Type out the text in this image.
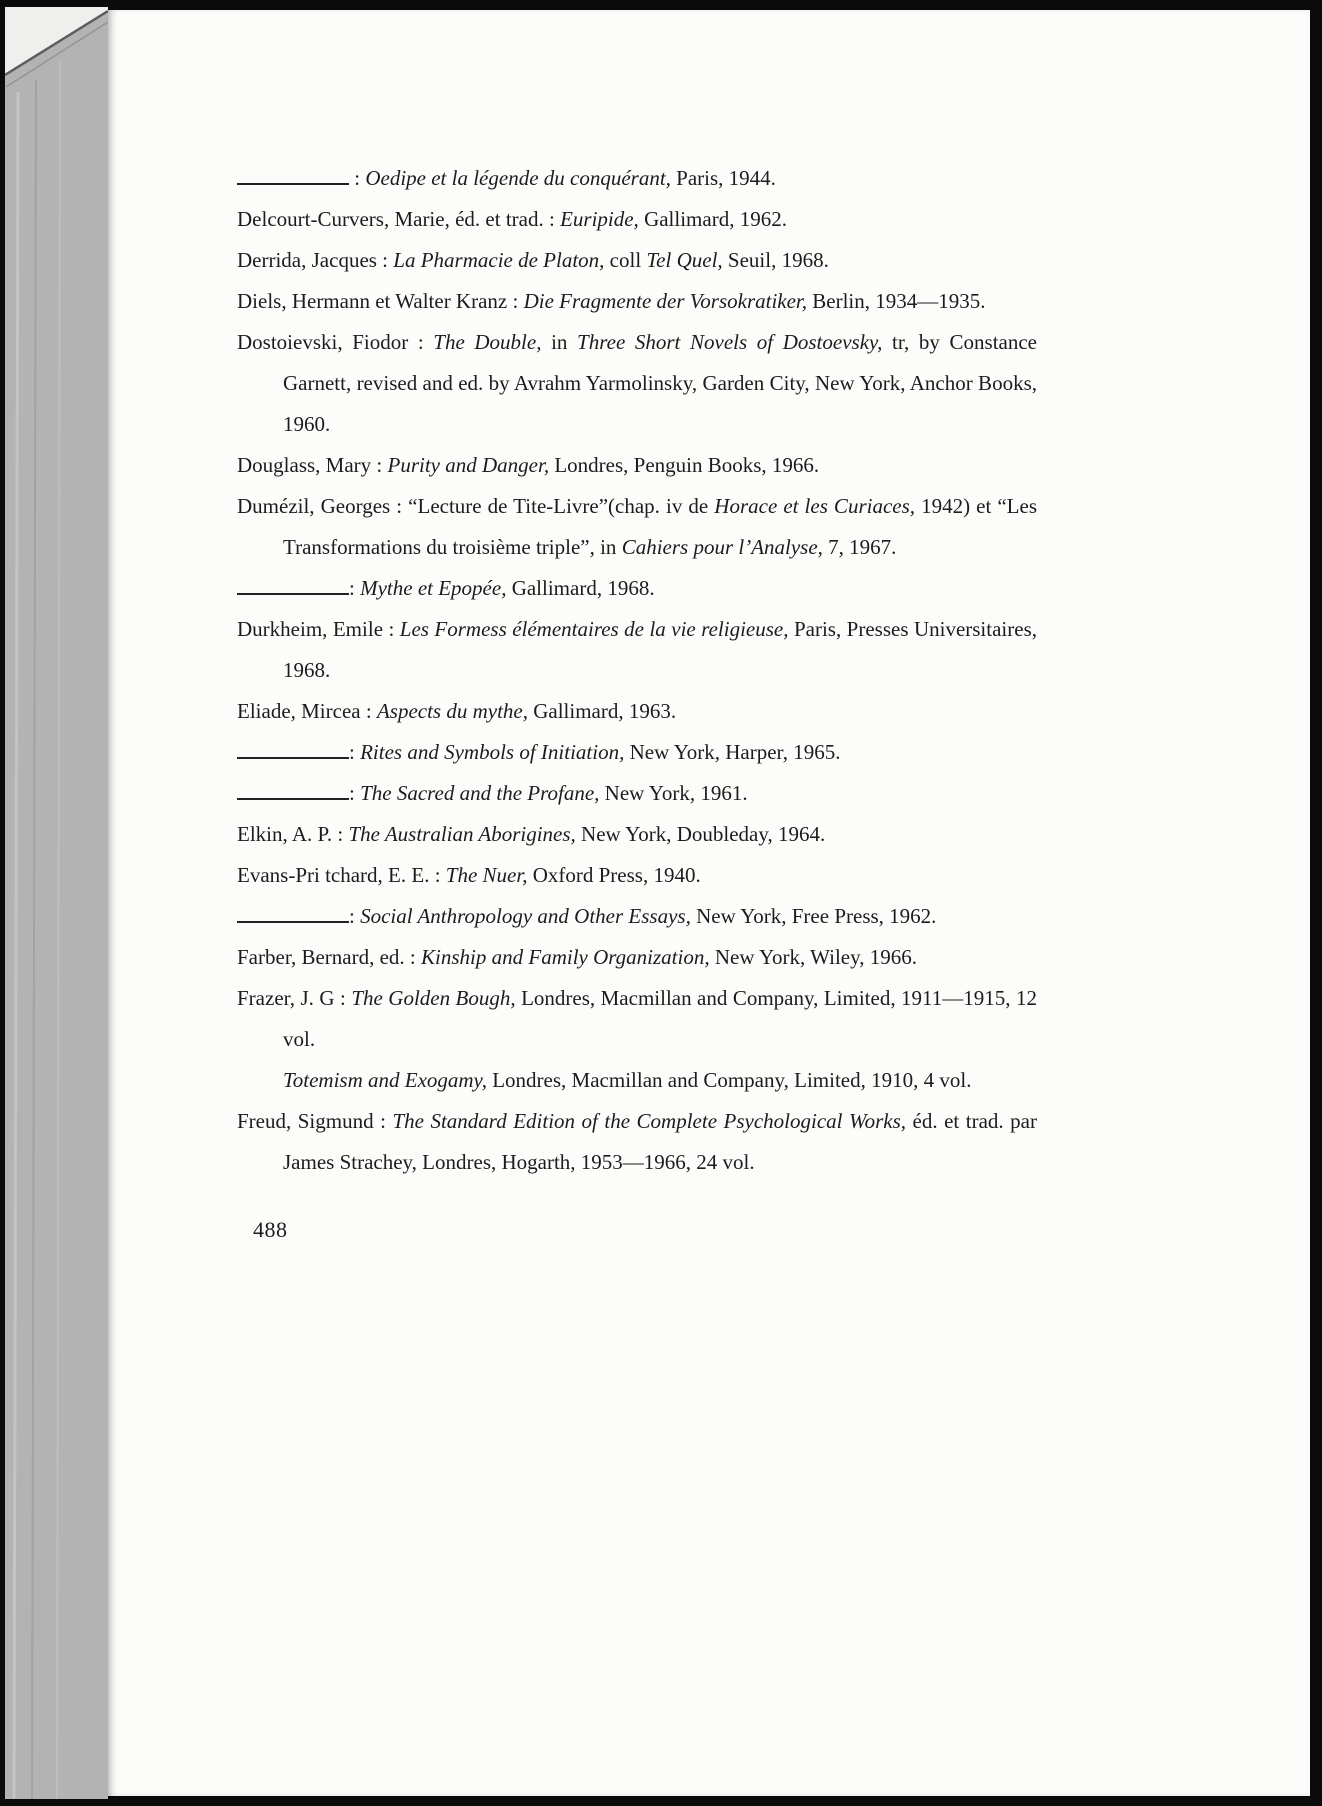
: Oedipe et la légende du conquérant, Paris, 1944.

Delcourt-Curvers, Marie, éd. et trad. : Euripide, Gallimard, 1962.

Derrida, Jacques : La Pharmacie de Platon, coll Tel Quel, Seuil, 1968.

Diels, Hermann et Walter Kranz : Die Fragmente der Vorsokratiker, Berlin, 1934—1935.

Dostoievski, Fiodor : The Double, in Three Short Novels of Dostoevsky, tr, by Constance Garnett, revised and ed. by Avrahm Yarmolinsky, Garden City, New York, Anchor Books, 1960.

Douglass, Mary : Purity and Danger, Londres, Penguin Books, 1966.

Dumézil, Georges : “Lecture de Tite-Livre”(chap. iv de Horace et les Curiaces, 1942) et “Les Transformations du troisième triple”, in Cahiers pour l’Analyse, 7, 1967.

: Mythe et Epopée, Gallimard, 1968.

Durkheim, Emile : Les Formess élémentaires de la vie religieuse, Paris, Presses Universitaires, 1968.

Eliade, Mircea : Aspects du mythe, Gallimard, 1963.

: Rites and Symbols of Initiation, New York, Harper, 1965.

: The Sacred and the Profane, New York, 1961.

Elkin, A. P. : The Australian Aborigines, New York, Doubleday, 1964.

Evans-Pri tchard, E. E. : The Nuer, Oxford Press, 1940.

: Social Anthropology and Other Essays, New York, Free Press, 1962.

Farber, Bernard, ed. : Kinship and Family Organization, New York, Wiley, 1966.

Frazer, J. G : The Golden Bough, Londres, Macmillan and Company, Limited, 1911—1915, 12 vol.

Totemism and Exogamy, Londres, Macmillan and Company, Limited, 1910, 4 vol.

Freud, Sigmund : The Standard Edition of the Complete Psychological Works, éd. et trad. par James Strachey, Londres, Hogarth, 1953—1966, 24 vol.

488
